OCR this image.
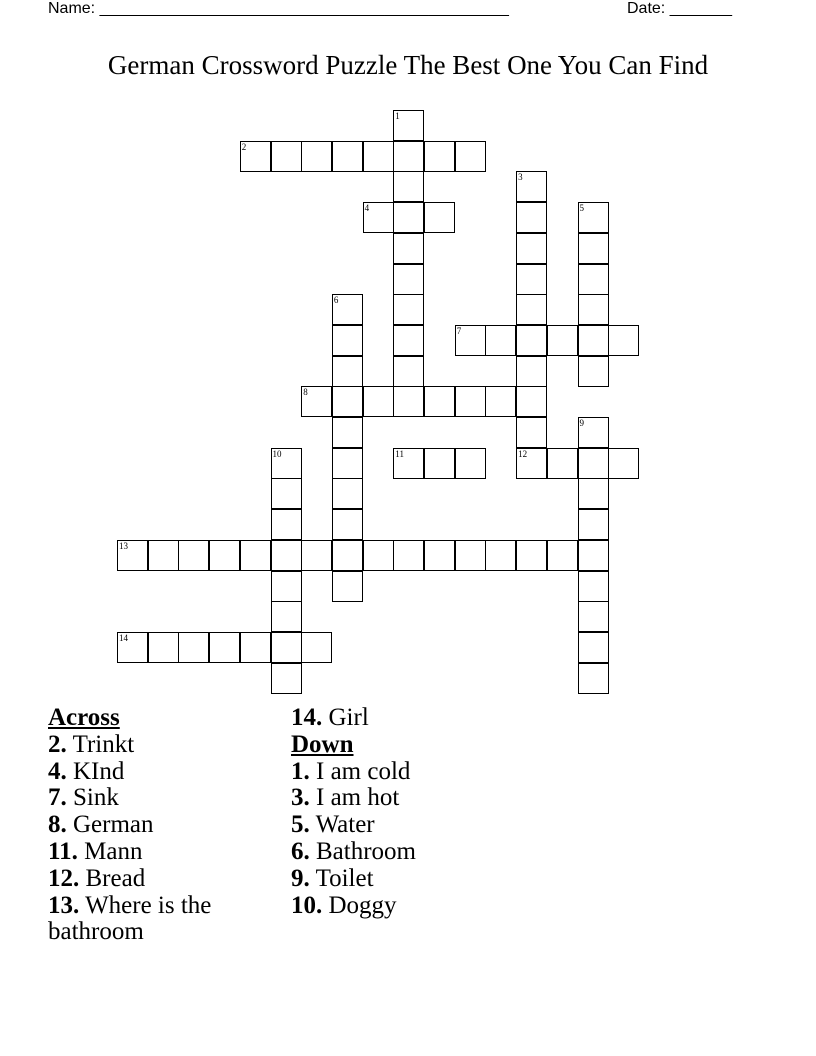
Name: ______________________________________________	Date: _______
German Crossword Puzzle The Best One You Can Find
1
2
3
12
4	5
6
7
8
9
10	11
13
14

Across

2. Trinkt

4. KInd

7. Sink

8. German

11. Mann

12. Bread

13. Where is the bathroom

14. Girl

Down

1. I am cold

3. I am hot

5. Water

6. Bathroom

9. Toilet

10. Doggy
